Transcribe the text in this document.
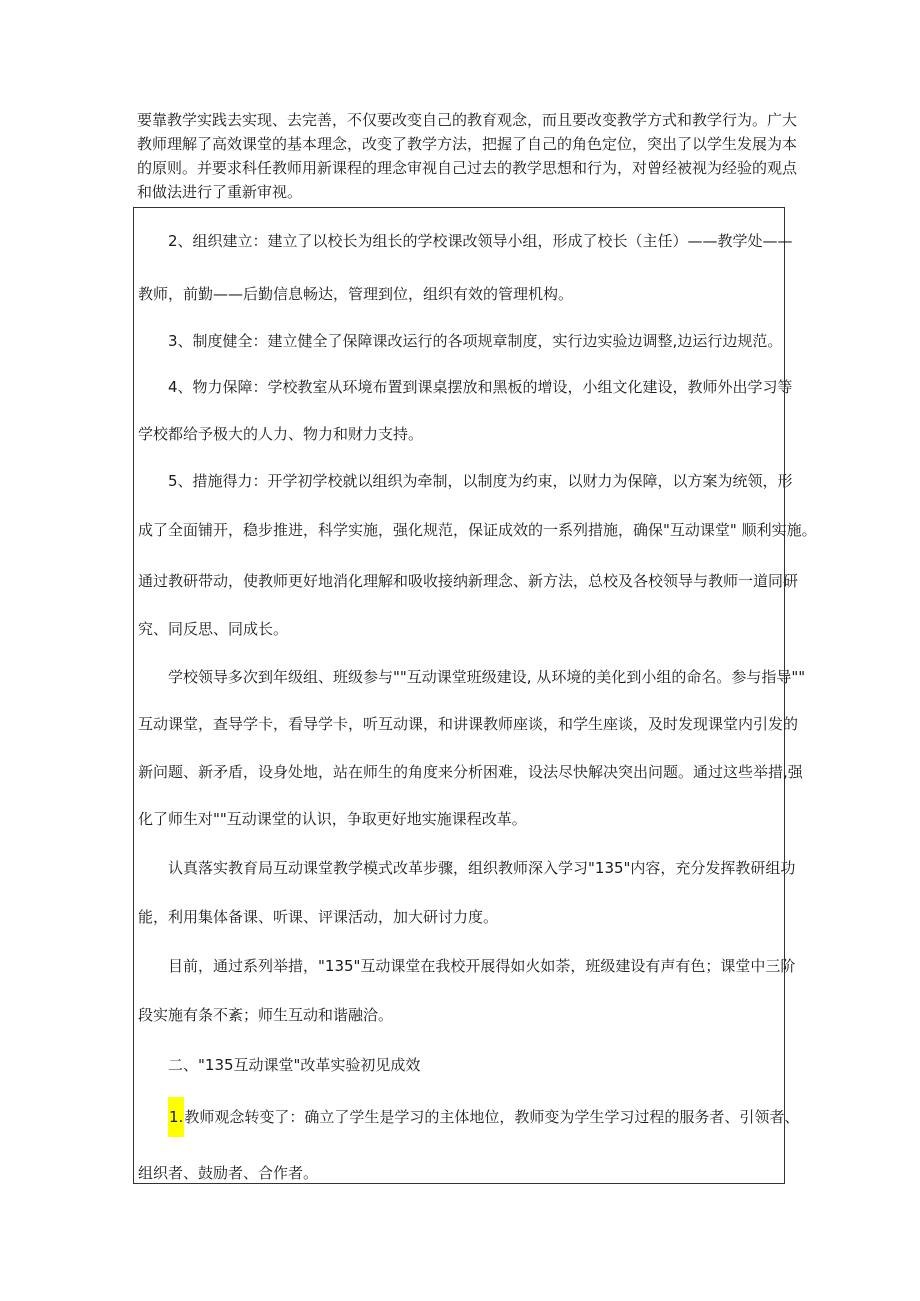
要靠教学实践去实现、去完善，不仅要改变自己的教育观念，而且要改变教学方式和教学行为。广大
教师理解了高效课堂的基本理念，改变了教学方法，把握了自己的角色定位，突出了以学生发展为本
的原则。并要求科任教师用新课程的理念审视自己过去的教学思想和行为，对曾经被视为经验的观点
和做法进行了重新审视。

2、组织建立：建立了以校长为组长的学校课改领导小组，形成了校长（主任）——教学处——

教师，前勤——后勤信息畅达，管理到位，组织有效的管理机构。

3、制度健全：建立健全了保障课改运行的各项规章制度，实行边实验边调整,边运行边规范。

4、物力保障：学校教室从环境布置到课桌摆放和黑板的增设，小组文化建设，教师外出学习等

学校都给予极大的人力、物力和财力支持。

5、措施得力：开学初学校就以组织为牵制，以制度为约束，以财力为保障，以方案为统领，形

成了全面铺开，稳步推进，科学实施，强化规范，保证成效的一系列措施，确保"互动课堂" 顺利实施。

通过教研带动，使教师更好地消化理解和吸收接纳新理念、新方法，总校及各校领导与教师一道同研

究、同反思、同成长。

学校领导多次到年级组、班级参与""互动课堂班级建设, 从环境的美化到小组的命名。参与指导""

互动课堂，查导学卡，看导学卡，听互动课，和讲课教师座谈，和学生座谈，及时发现课堂内引发的

新问题、新矛盾，设身处地，站在师生的角度来分析困难，设法尽快解决突出问题。通过这些举措,强

化了师生对""互动课堂的认识，争取更好地实施课程改革。

认真落实教育局互动课堂教学模式改革步骤，组织教师深入学习"135"内容，充分发挥教研组功

能，利用集体备课、听课、评课活动，加大研讨力度。

目前，通过系列举措，"135"互动课堂在我校开展得如火如荼，班级建设有声有色；课堂中三阶

段实施有条不紊；师生互动和谐融洽。

二、"135互动课堂"改革实验初见成效

1.教师观念转变了：确立了学生是学习的主体地位，教师变为学生学习过程的服务者、引领者、

组织者、鼓励者、合作者。
